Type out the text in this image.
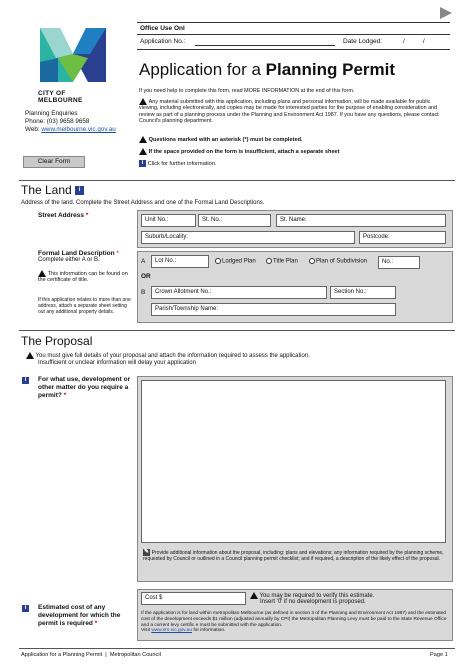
CITY OF MELBOURNE
Office Use Onl
Application No.:	Date Lodged:	/          /
Application for a Planning Permit
If you need help to complete this form, read MORE INFORMATION at the end of this form.
Any material submitted with this application, including plans and personal information, will be made available for public viewing, including electronically, and copies may be made for interested parties for the purpose of enabling consideration and review as part of a planning process under the Planning and Environment Act 1987. If you have any questions, please contact Council's planning department.
Questions marked with an asterisk (*) must be completed.
If the space provided on the form is insufficient, attach a separate sheet
i Click for further information.
Planning Enquiries
Phone: (03) 9658 9658
Web: www.melbourne.vic.gov.au
Clear Form
The Land i
Address of the land. Complete the Street Address and one of the Formal Land Descriptions.
Street Address *
Unit No.:	St. No.:	St. Name:
Suburb/Locality:	Postcode:
Formal Land Description *
Complete either A or B.
This information can be found on the certificate of title.
If this application relates to more than one address, attach a separate sheet setting out any additional property details.
A	Lot No.:	Lodged Plan	Title Plan	Plan of Subdivision	No.:
OR
B	Crown Allotment No.:	Section No.:
Parish/Township Name:
The Proposal
You must give full details of your proposal and attach the information required to assess the application.
Insufficient or unclear information will delay your application
i	For what use, development or other matter do you require a permit? *
✎ Provide additional information about the proposal, including: plans and elevations; any information required by the planning scheme, requested by Council or outlined in a Council planning permit checklist; and if required, a description of the likely effect of the proposal.
i	Estimated cost of any development for which the permit is required *
Cost $	You may be required to verify this estimate.
Insert '0' if no development is proposed.
If the application is for land within metropolitan Melbourne (as defined in section 3 of the Planning and Environment Act 1987) and the estimated cost of the development exceeds $1 million (adjusted annually by CPI) the Metropolitan Planning Levy must be paid to the State Revenue Office and a current levy certific e must be submitted with the application.
Visit www.sro.vic.gov.au for information.
Application for a Planning Permit  |  Metropolitan Council	Page 1
